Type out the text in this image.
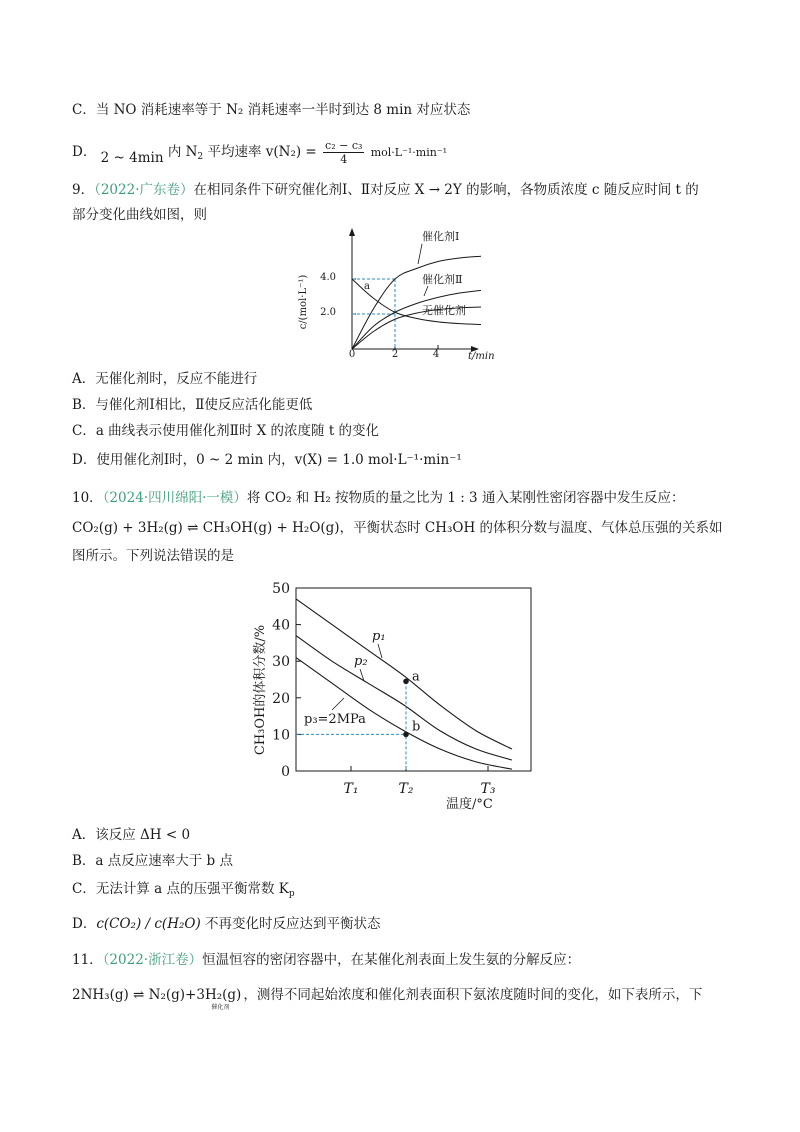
C．当 NO 消耗速率等于 N₂ 消耗速率一半时到达 8 min 对应状态
D． 2 ~ 4min 内 $N_2$ 平均速率 $v(N_2) = \frac{\text{c₂ − c₃}}{4} mol\cdot L^{-1}\cdot\min^{-1}$
9．（2022·广东卷）在相同条件下研究催化剂Ⅰ、Ⅱ对反应 X → 2Y 的影响，各物质浓度 c 随反应时间 t 的
部分变化曲线如图，则
c/(mol·L⁻¹)
t/min
催化剂Ⅰ
催化剂Ⅱ
无催化剂
a
4.0
2.0
0	2	4
A．无催化剂时，反应不能进行
B．与催化剂Ⅰ相比，Ⅱ使反应活化能更低
C．a 曲线表示使用催化剂Ⅱ时 X 的浓度随 t 的变化
D．使用催化剂Ⅰ时，0 ~ 2 min 内，v(X) = 1.0 mol·L⁻¹·min⁻¹
10．（2024·四川绵阳·一模）将 CO₂ 和 H₂ 按物质的量之比为 1 : 3 通入某刚性密闭容器中发生反应：
CO₂(g) + 3H₂(g) ⇌ CH₃OH(g) + H₂O(g)，平衡状态时 CH₃OH 的体积分数与温度、气体总压强的关系如
图所示。下列说法错误的是
0
10
20
30
40
50
T₁	T₂	T₃
a
b
p₁
p₂
p₃=2MPa
CH₃OH的体积分数/%
温度/°C
A．该反应 ΔH < 0
B．a 点反应速率大于 b 点
C．无法计算 a 点的压强平衡常数 $K_p$
D．c(CO₂) / c(H₂O) 不再变化时反应达到平衡状态
11．（2022·浙江卷）恒温恒容的密闭容器中，在某催化剂表面上发生氨的分解反应：
2NH₃(g) ⇌ $N_2(g)+3H_2(g)_{催化剂}$，测得不同起始浓度和催化剂表面积下氨浓度随时间的变化，如下表所示，下
